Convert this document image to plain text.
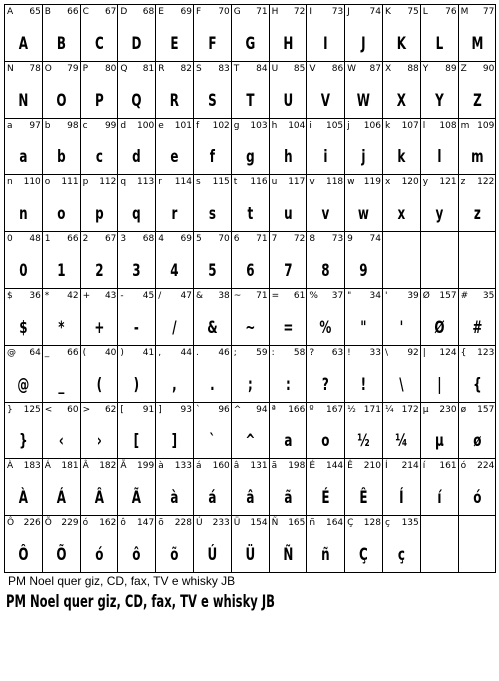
A 65
A
B 66
B
C 67
C
D 68
D
E 69
E
F 70
F
G 71
G
H 72
H
I 73
I
J 74
J
K 75
K
L 76
L
M 77
M
N 78
N
O 79
O
P 80
P
Q 81
Q
R 82
R
S 83
S
T 84
T
U 85
U
V 86
V
W 87
W
X 88
X
Y 89
Y
Z 90
Z
a 97
a
b 98
b
c 99
c
d 100
d
e 101
e
f 102
f
g 103
g
h 104
h
i 105
i
j 106
j
k 107
k
l 108
l
m 109
m
n 110
n
o 111
o
p 112
p
q 113
q
r 114
r
s 115
s
t 116
t
u 117
u
v 118
v
w 119
w
x 120
x
y 121
y
z 122
z
0 48
0
1 66
1
2 67
2
3 68
3
4 69
4
5 70
5
6 71
6
7 72
7
8 73
8
9 74
9
$ 36
$
* 42
*
+ 43
+
- 45
-
/ 47
/
& 38
&
~ 71
~
= 61
=
% 37
%
" 34
"
' 39
'
Ø 157
Ø
# 35
#
@ 64
@
_ 66
_
( 40
(
) 41
)
, 44
,
. 46
.
; 59
;
: 58
:
? 63
?
! 33
!
\ 92
\
| 124
|
{ 123
{
} 125
}
< 60
‹
> 62
›
[ 91
[
] 93
]
` 96
`
^ 94
^
ª 166
a
º 167
o
½ 171
½
¼ 172
¼
µ 230
µ
ø 157
ø
À 183
À
Á 181
Á
Â 182
Â
Ã 199
Ã
à 133
à
á 160
á
â 131
â
ã 198
ã
É 144
É
Ê 210
Ê
Í 214
Í
í 161
í
ó 224
ó
Ô 226
Ô
Õ 229
Õ
ó 162
ó
ô 147
ô
õ 228
õ
Ú 233
Ú
Ü 154
Ü
Ñ 165
Ñ
ñ 164
ñ
Ç 128
Ç
ç 135
ç
PM Noel quer giz, CD, fax, TV e whisky JB
PM Noel quer giz, CD, fax, TV e whisky JB
